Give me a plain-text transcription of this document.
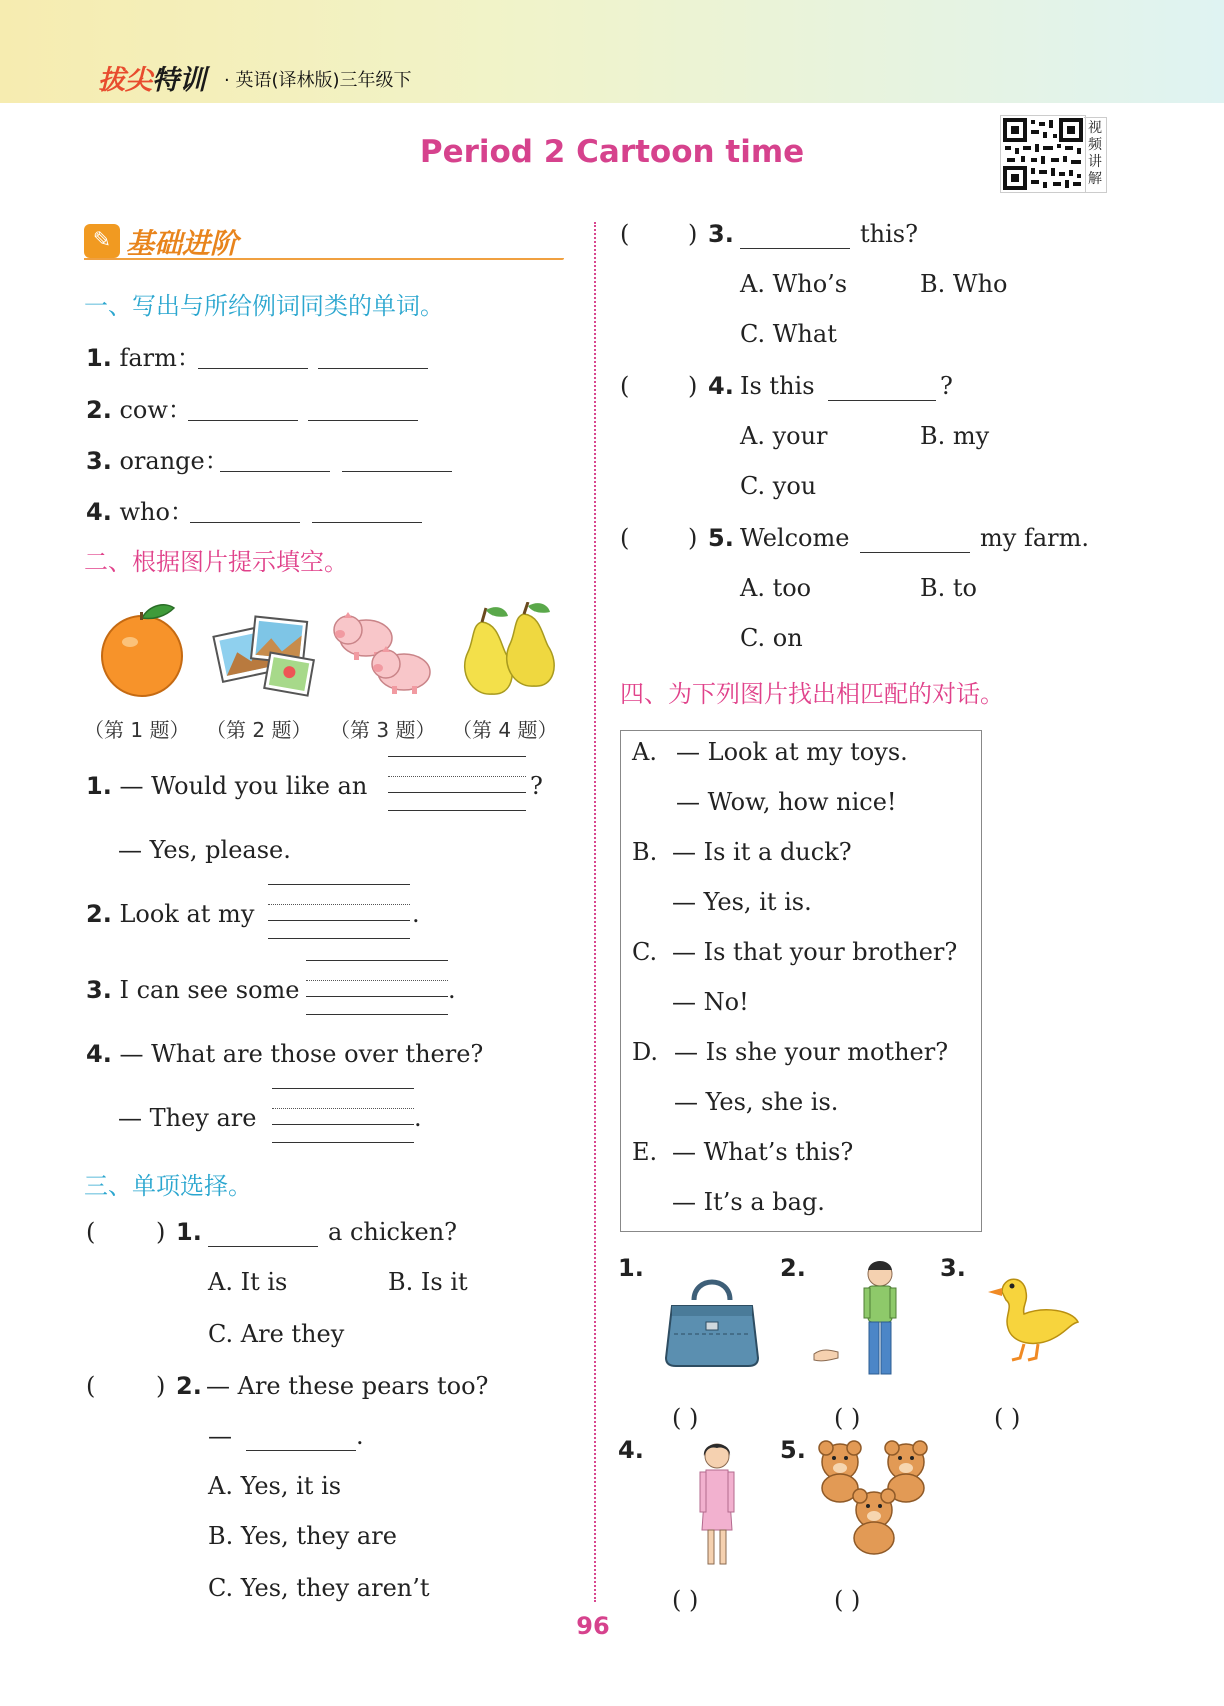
拔尖特训 · 英语(译林版)三年级下
Period 2 Cartoon time
视频讲解
✎ 基础进阶
一、写出与所给例词同类的单词。
1. farm：
2. cow：
3. orange：
4. who：
二、根据图片提示填空。
（第 1 题） （第 2 题） （第 3 题） （第 4 题）
1. — Would you like an	?
— Yes, please.
2. Look at my	.
3. I can see some	.
4. — What are those over there?
— They are	.
三、单项选择。
(	) 1.	a chicken?
A. It is	B. Is it
C. Are they
(	) 2. — Are these pears too?
—	.
A. Yes, it is
B. Yes, they are
C. Yes, they aren’t
( ) 3.	this?
A. Who’s	B. Who
C. What
( ) 4. Is this	?
A. your	B. my
C. you
( ) 5. Welcome	my farm.
A. too	B. to
C. on
四、为下列图片找出相匹配的对话。
A. — Look at my toys.
— Wow, how nice!
B. — Is it a duck?
— Yes, it is.
C. — Is that your brother?
— No!
D. — Is she your mother?
— Yes, she is.
E. — What’s this?
— It’s a bag.
1.	2.	3.
( )	( )	( )
4.	5.
( )	( )
96
